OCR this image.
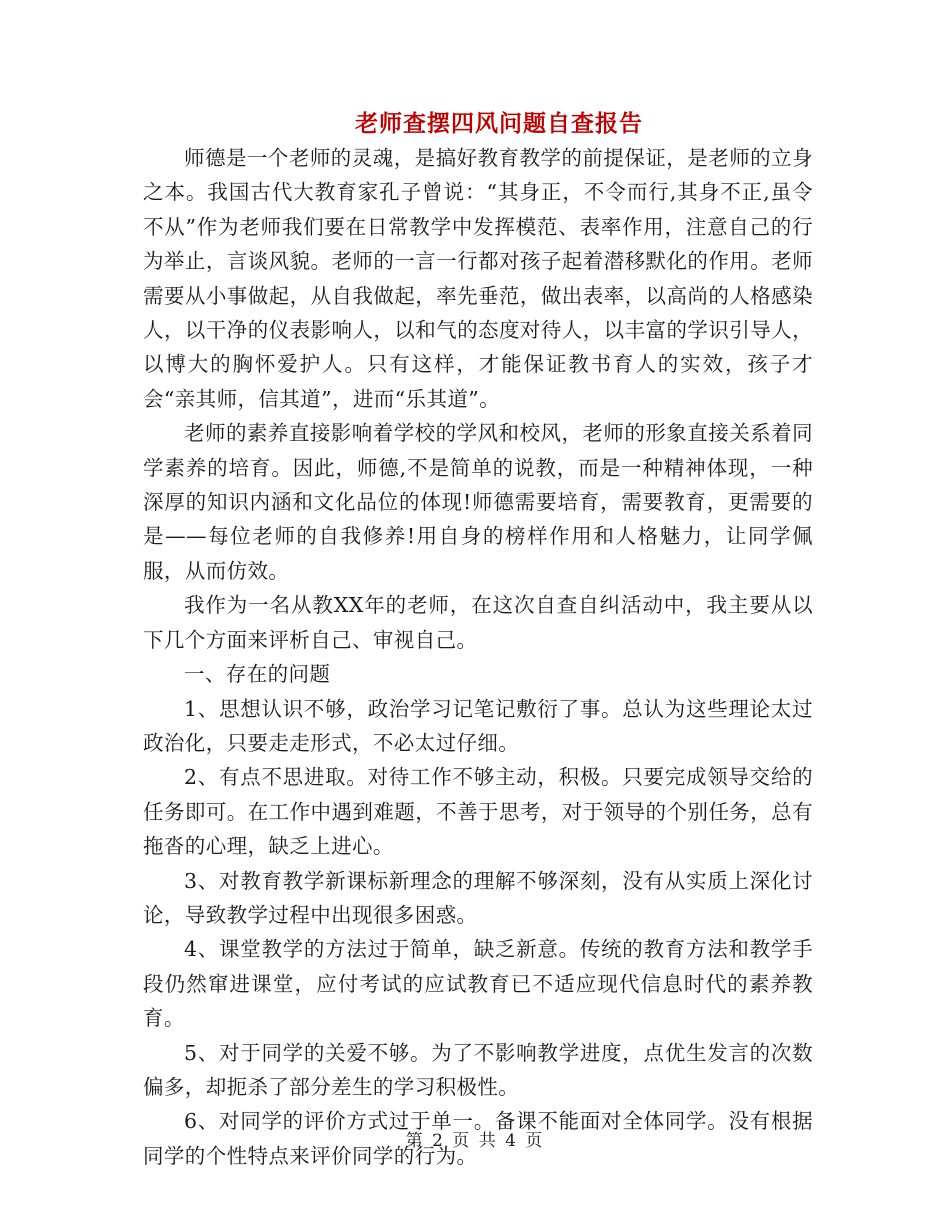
老师查摆四风问题自查报告

师德是一个老师的灵魂，是搞好教育教学的前提保证，是老师的立身之本。我国古代大教育家孔子曾说：“其身正，不令而行,其身不正,虽令不从”作为老师我们要在日常教学中发挥模范、表率作用，注意自己的行为举止，言谈风貌。老师的一言一行都对孩子起着潜移默化的作用。老师需要从小事做起，从自我做起，率先垂范，做出表率，以高尚的人格感染人，以干净的仪表影响人，以和气的态度对待人，以丰富的学识引导人，以博大的胸怀爱护人。只有这样，才能保证教书育人的实效，孩子才会“亲其师，信其道”，进而“乐其道”。

老师的素养直接影响着学校的学风和校风，老师的形象直接关系着同学素养的培育。因此，师德,不是简单的说教，而是一种精神体现，一种深厚的知识内涵和文化品位的体现!师德需要培育，需要教育，更需要的是——每位老师的自我修养!用自身的榜样作用和人格魅力，让同学佩服，从而仿效。

我作为一名从教XX年的老师，在这次自查自纠活动中，我主要从以下几个方面来评析自己、审视自己。

一、存在的问题

1、思想认识不够，政治学习记笔记敷衍了事。总认为这些理论太过政治化，只要走走形式，不必太过仔细。

2、有点不思进取。对待工作不够主动，积极。只要完成领导交给的任务即可。在工作中遇到难题，不善于思考，对于领导的个别任务，总有拖沓的心理，缺乏上进心。

3、对教育教学新课标新理念的理解不够深刻，没有从实质上深化讨论，导致教学过程中出现很多困惑。

4、课堂教学的方法过于简单，缺乏新意。传统的教育方法和教学手段仍然窜进课堂，应付考试的应试教育已不适应现代信息时代的素养教育。

5、对于同学的关爱不够。为了不影响教学进度，点优生发言的次数偏多，却扼杀了部分差生的学习积极性。

6、对同学的评价方式过于单一。备课不能面对全体同学。没有根据同学的个性特点来评价同学的行为。

第 2 页 共 4 页
